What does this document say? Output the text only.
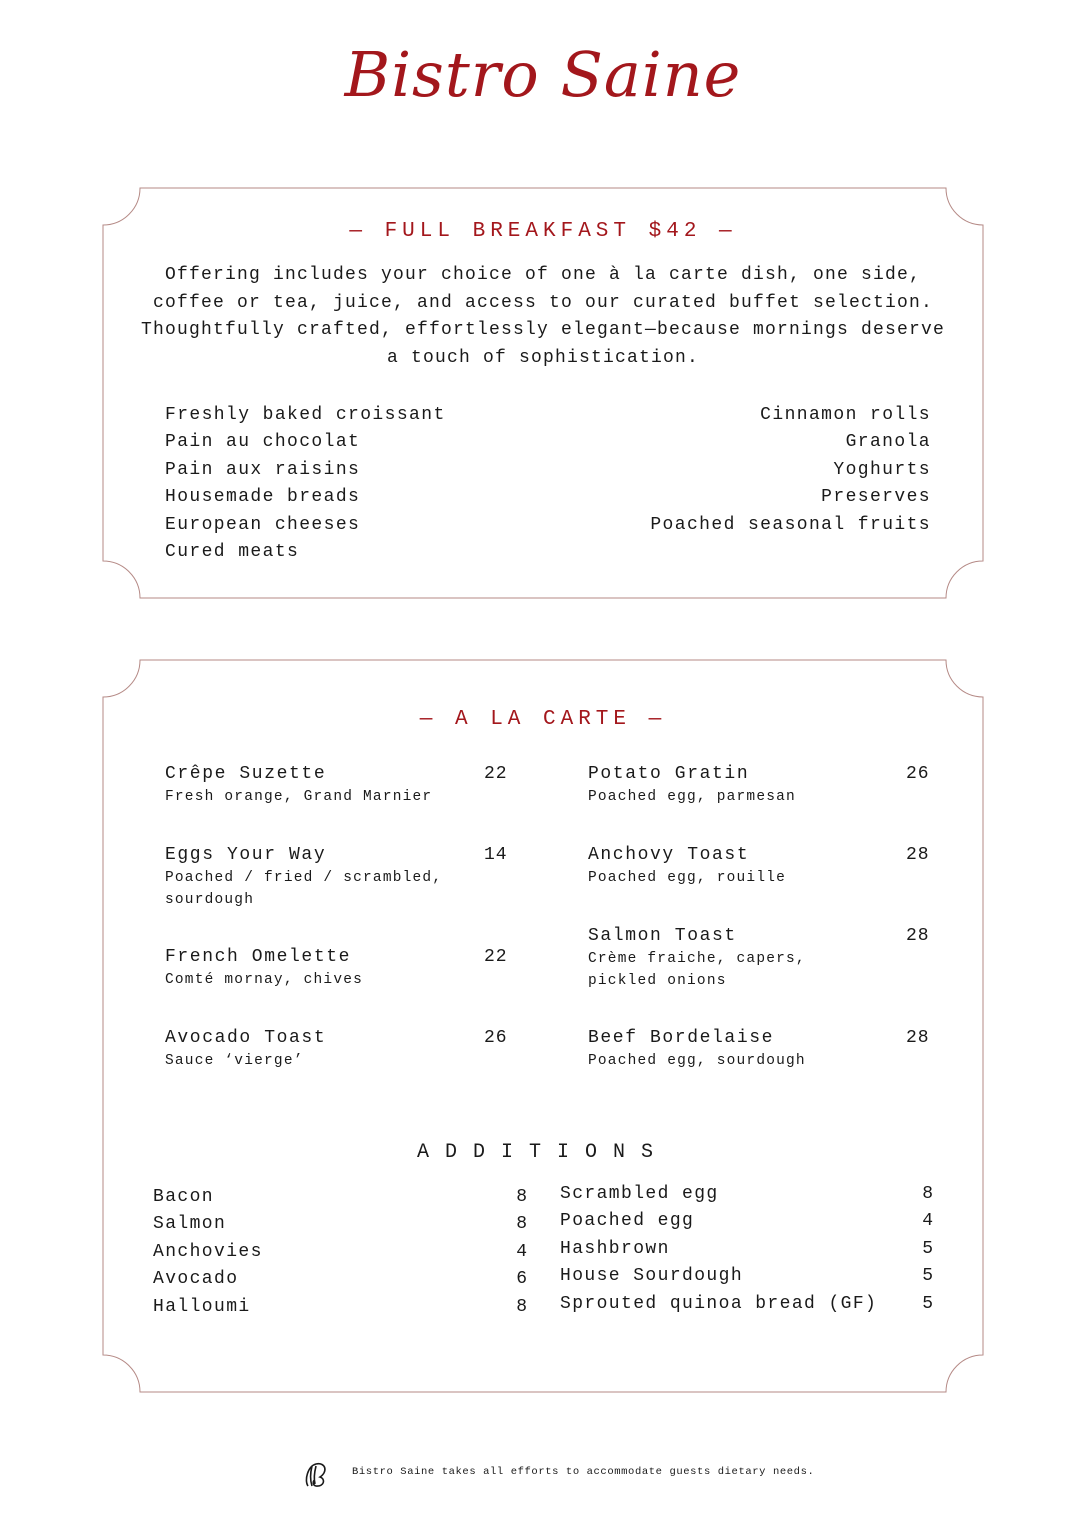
Bistro Saine
— FULL BREAKFAST $42 —
Offering includes your choice of one à la carte dish, one side,
coffee or tea, juice, and access to our curated buffet selection.
Thoughtfully crafted, effortlessly elegant—because mornings deserve
a touch of sophistication.
Freshly baked croissant
Pain au chocolat
Pain aux raisins
Housemade breads
European cheeses
Cured meats
Cinnamon rolls
Granola
Yoghurts
Preserves
Poached seasonal fruits
— A LA CARTE —
Crêpe Suzette
Fresh orange, Grand Marnier
22
Eggs Your Way
Poached / fried / scrambled, sourdough
14
French Omelette
Comté mornay, chives
22
Avocado Toast
Sauce ‘vierge’
26
Potato Gratin
Poached egg, parmesan
26
Anchovy Toast
Poached egg, rouille
28
Salmon Toast
Crème fraiche, capers, pickled onions
28
Beef Bordelaise
Poached egg, sourdough
28
ADDITIONS
Bacon
Salmon
Anchovies
Avocado
Halloumi
8
8
4
6
8
Scrambled egg
Poached egg
Hashbrown
House Sourdough
Sprouted quinoa bread (GF)
8
4
5
5
5
Bistro Saine takes all efforts to accommodate guests dietary needs.
